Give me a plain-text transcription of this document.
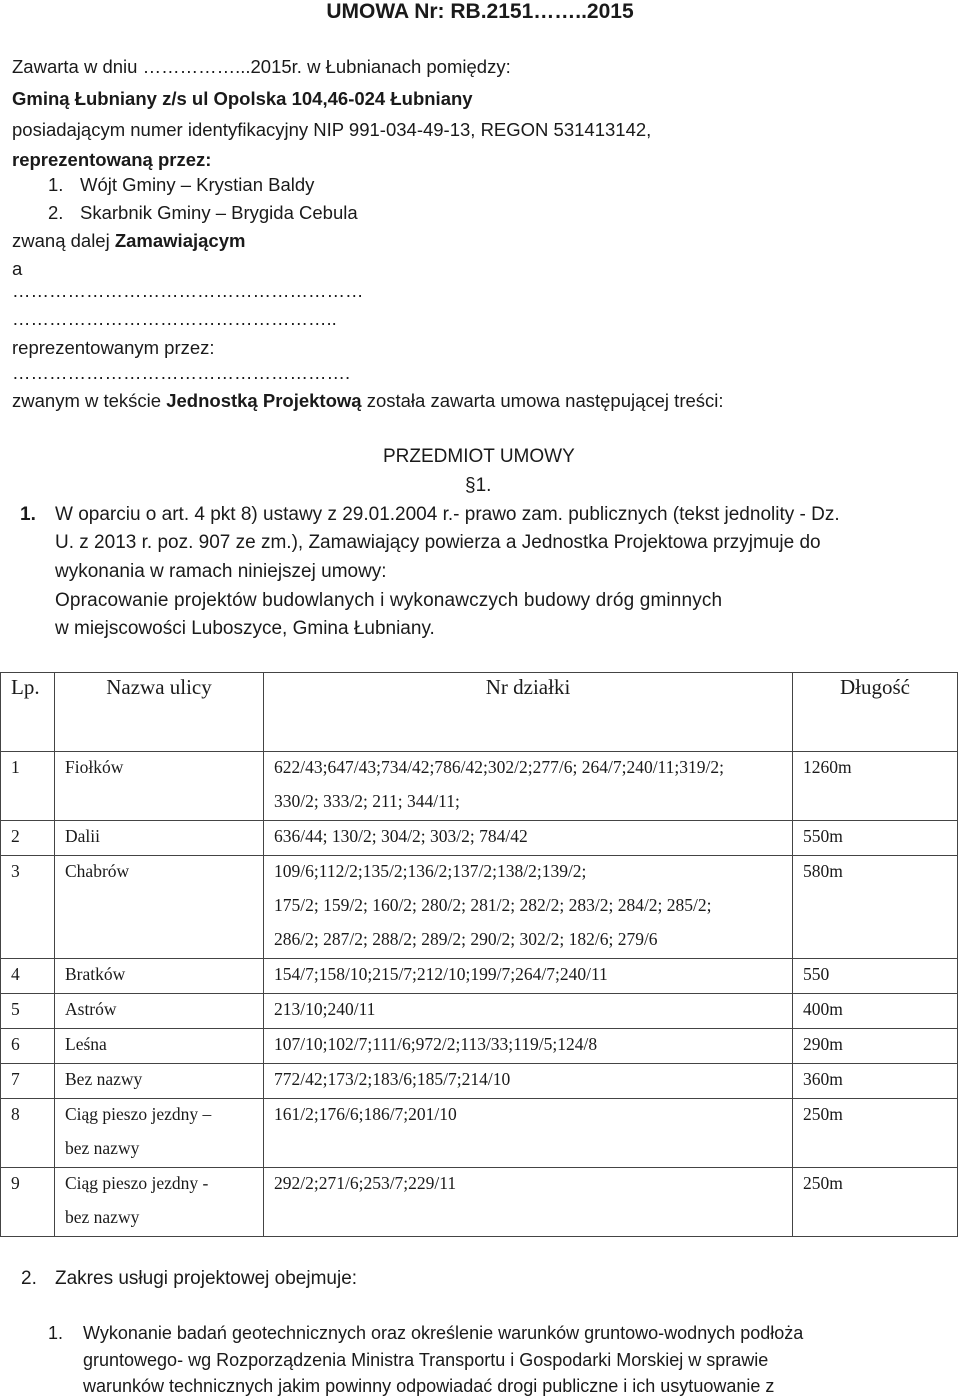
UMOWA Nr: RB.2151……..2015
Zawarta w dniu ……………...2015r. w Łubnianach pomiędzy:
Gminą Łubniany z/s ul Opolska 104,46-024 Łubniany
posiadającym numer identyfikacyjny NIP 991-034-49-13, REGON 531413142,
reprezentowaną przez:
1. Wójt Gminy – Krystian Baldy
2. Skarbnik Gminy – Brygida Cebula
zwaną dalej Zamawiającym
a
…………………………………………………
……………………………………………..
reprezentowanym przez:
……………………………………………….
zwanym w tekście Jednostką Projektową została zawarta umowa następującej treści:
PRZEDMIOT UMOWY
§1.
1. W oparciu o art. 4 pkt 8) ustawy z 29.01.2004 r.- prawo zam. publicznych (tekst jednolity - Dz.
U. z 2013 r. poz. 907 ze zm.), Zamawiający powierza a Jednostka Projektowa przyjmuje do
wykonania w ramach niniejszej umowy:
Opracowanie projektów budowlanych i wykonawczych budowy dróg gminnych
w miejscowości Luboszyce, Gmina Łubniany.
Lp.	Nazwa ulicy	Nr działki	Długość

1	Fiołków	622/43;647/43;734/42;786/42;302/2;277/6; 264/7;240/11;319/2;
330/2; 333/2; 211; 344/11;	1260m

2	Dalii	636/44; 130/2; 304/2; 303/2; 784/42	550m

3	Chabrów	109/6;112/2;135/2;136/2;137/2;138/2;139/2;
175/2; 159/2; 160/2; 280/2; 281/2; 282/2; 283/2; 284/2; 285/2;
286/2; 287/2; 288/2; 289/2; 290/2; 302/2; 182/6; 279/6	580m

4	Bratków	154/7;158/10;215/7;212/10;199/7;264/7;240/11	550

5	Astrów	213/10;240/11	400m

6	Leśna	107/10;102/7;111/6;972/2;113/33;119/5;124/8	290m

7	Bez nazwy	772/42;173/2;183/6;185/7;214/10	360m

8	Ciąg pieszo jezdny –
bez nazwy	161/2;176/6;186/7;201/10	250m

9	Ciąg pieszo jezdny -
bez nazwy	292/2;271/6;253/7;229/11	250m
2. Zakres usługi projektowej obejmuje:
1. Wykonanie badań geotechnicznych oraz określenie warunków gruntowo-wodnych podłoża
gruntowego- wg Rozporządzenia Ministra Transportu i Gospodarki Morskiej w sprawie
warunków technicznych jakim powinny odpowiadać drogi publiczne i ich usytuowanie z
